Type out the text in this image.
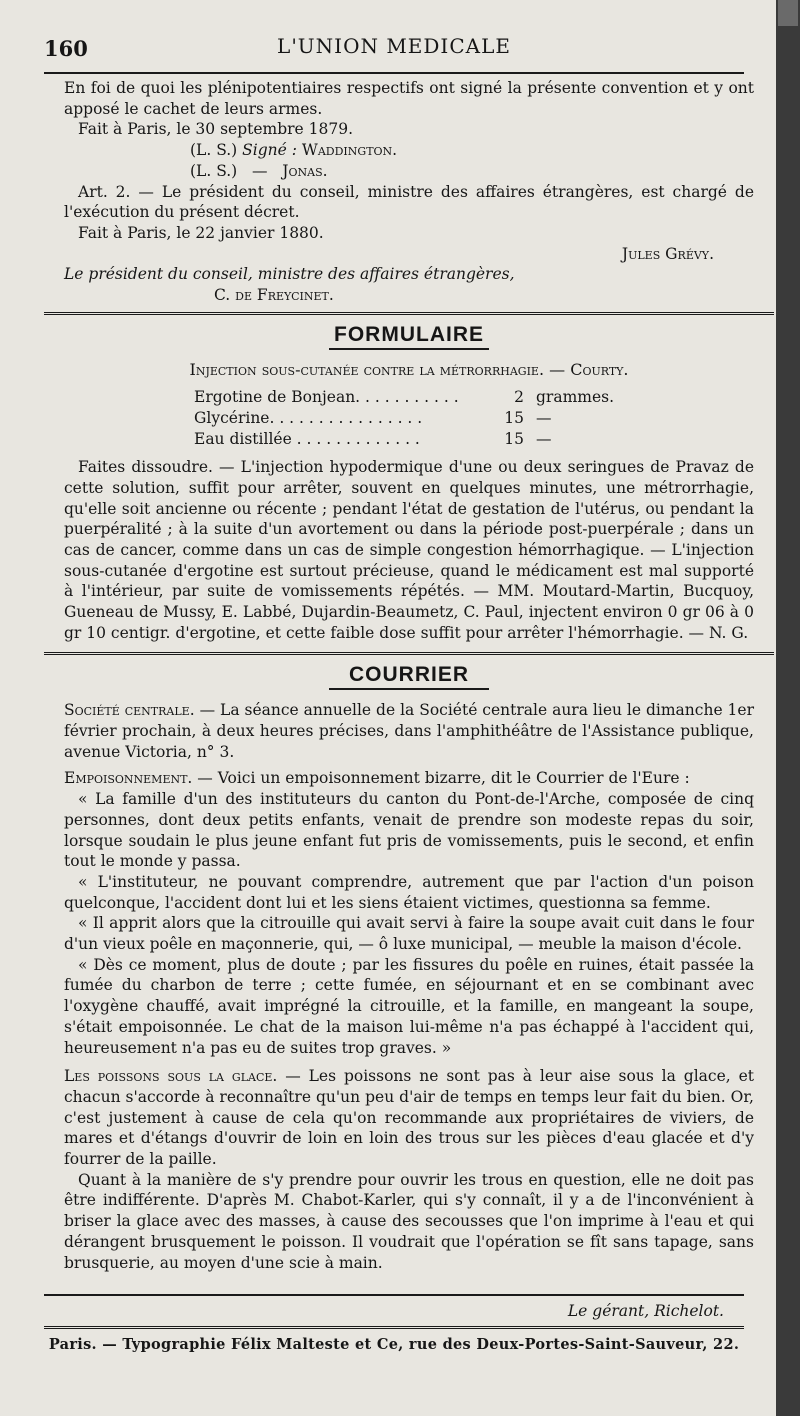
160	L'UNION MEDICALE

En foi de quoi les plénipotentiaires respectifs ont signé la présente convention et y ont apposé le cachet de leurs armes.

Fait à Paris, le 30 septembre 1879.

(L. S.) Signé : Waddington.

(L. S.) — Jonas.

Art. 2. — Le président du conseil, ministre des affaires étrangères, est chargé de l'exécution du présent décret.

Fait à Paris, le 22 janvier 1880.

Jules Grévy.

Le président du conseil, ministre des affaires étrangères,

C. de Freycinet.

FORMULAIRE
Injection sous-cutanée contre la métrorrhagie. — Courty.
Ergotine de Bonjean. . . . . . . . . . .	2 grammes.
Glycérine. . . . . . . . . . . . . . . .	15 —
Eau distillée . . . . . . . . . . . . .	15 —

Faites dissoudre. — L'injection hypodermique d'une ou deux seringues de Pravaz de cette solution, suffit pour arrêter, souvent en quelques minutes, une métrorrhagie, qu'elle soit ancienne ou récente ; pendant l'état de gestation de l'utérus, ou pendant la puerpéralité ; à la suite d'un avortement ou dans la période post-puerpérale ; dans un cas de cancer, comme dans un cas de simple congestion hémorrhagique. — L'injection sous-cutanée d'ergotine est surtout précieuse, quand le médicament est mal supporté à l'intérieur, par suite de vomissements répétés. — MM. Moutard-Martin, Bucquoy, Gueneau de Mussy, E. Labbé, Dujardin-Beaumetz, C. Paul, injectent environ 0 gr 06 à 0 gr 10 centigr. d'ergotine, et cette faible dose suffit pour arrêter l'hémorrhagie. — N. G.

COURRIER

Société centrale. — La séance annuelle de la Société centrale aura lieu le dimanche 1er février prochain, à deux heures précises, dans l'amphithéâtre de l'Assistance publique, avenue Victoria, n° 3.

Empoisonnement. — Voici un empoisonnement bizarre, dit le Courrier de l'Eure :

« La famille d'un des instituteurs du canton du Pont-de-l'Arche, composée de cinq personnes, dont deux petits enfants, venait de prendre son modeste repas du soir, lorsque soudain le plus jeune enfant fut pris de vomissements, puis le second, et enfin tout le monde y passa.

« L'instituteur, ne pouvant comprendre, autrement que par l'action d'un poison quelconque, l'accident dont lui et les siens étaient victimes, questionna sa femme.

« Il apprit alors que la citrouille qui avait servi à faire la soupe avait cuit dans le four d'un vieux poêle en maçonnerie, qui, — ô luxe municipal, — meuble la maison d'école.

« Dès ce moment, plus de doute ; par les fissures du poêle en ruines, était passée la fumée du charbon de terre ; cette fumée, en séjournant et en se combinant avec l'oxygène chauffé, avait imprégné la citrouille, et la famille, en mangeant la soupe, s'était empoisonnée. Le chat de la maison lui-même n'a pas échappé à l'accident qui, heureusement n'a pas eu de suites trop graves. »

Les poissons sous la glace. — Les poissons ne sont pas à leur aise sous la glace, et chacun s'accorde à reconnaître qu'un peu d'air de temps en temps leur fait du bien. Or, c'est justement à cause de cela qu'on recommande aux propriétaires de viviers, de mares et d'étangs d'ouvrir de loin en loin des trous sur les pièces d'eau glacée et d'y fourrer de la paille.

Quant à la manière de s'y prendre pour ouvrir les trous en question, elle ne doit pas être indifférente. D'après M. Chabot-Karler, qui s'y connaît, il y a de l'inconvénient à briser la glace avec des masses, à cause des secousses que l'on imprime à l'eau et qui dérangent brusquement le poisson. Il voudrait que l'opération se fît sans tapage, sans brusquerie, au moyen d'une scie à main.

Le gérant, Richelot.
Paris. — Typographie Félix Malteste et Ce, rue des Deux-Portes-Saint-Sauveur, 22.
